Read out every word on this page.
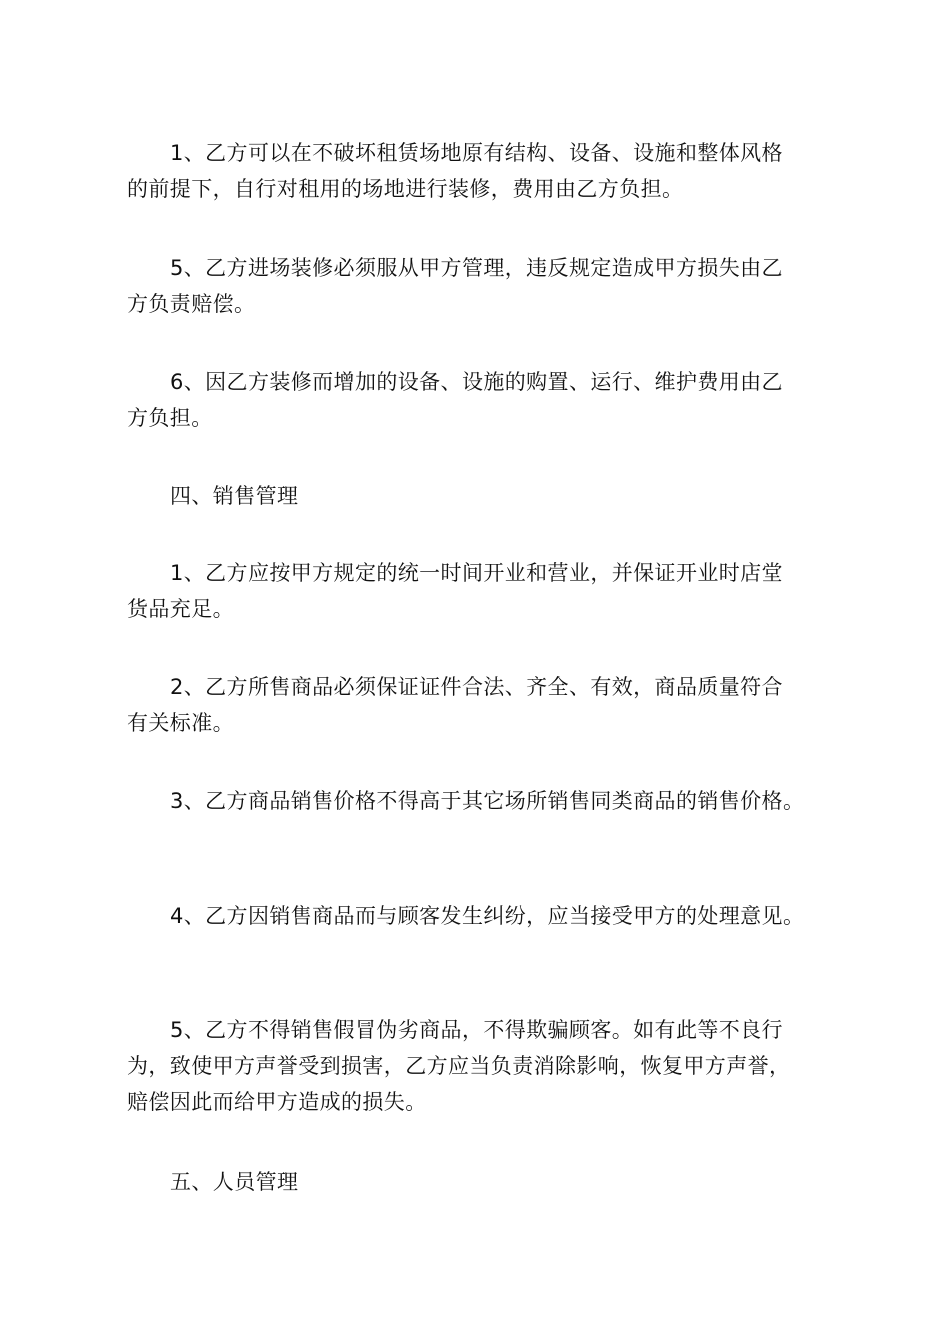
1、乙方可以在不破坏租赁场地原有结构、设备、设施和整体风格
的前提下，自行对租用的场地进行装修，费用由乙方负担。
5、乙方进场装修必须服从甲方管理，违反规定造成甲方损失由乙
方负责赔偿。
6、因乙方装修而增加的设备、设施的购置、运行、维护费用由乙
方负担。
四、销售管理
1、乙方应按甲方规定的统一时间开业和营业，并保证开业时店堂
货品充足。
2、乙方所售商品必须保证证件合法、齐全、有效，商品质量符合
有关标准。
3、乙方商品销售价格不得高于其它场所销售同类商品的销售价格。
4、乙方因销售商品而与顾客发生纠纷，应当接受甲方的处理意见。
5、乙方不得销售假冒伪劣商品，不得欺骗顾客。如有此等不良行
为，致使甲方声誉受到损害，乙方应当负责消除影响，恢复甲方声誉，
赔偿因此而给甲方造成的损失。
五、人员管理
